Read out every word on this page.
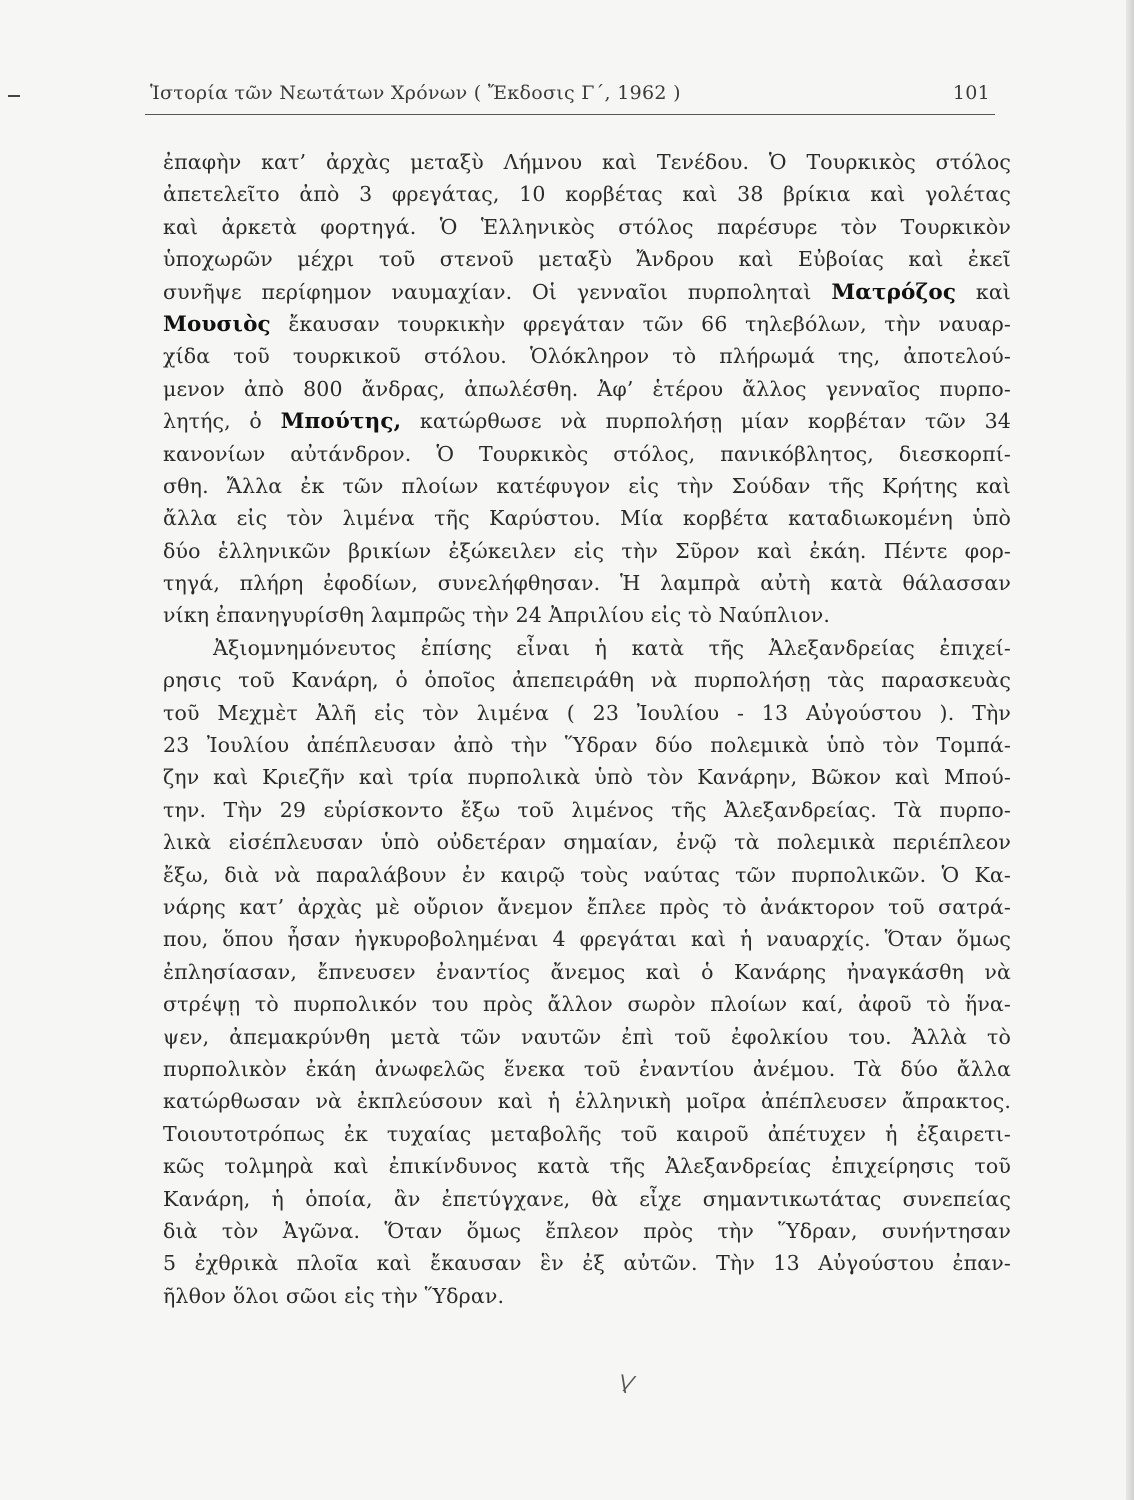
Ἱστορία τῶν Νεωτάτων Χρόνων ( Ἔκδοσις Γ΄, 1962 )	101
ἐπαφὴν κατ’ ἀρχὰς μεταξὺ Λήμνου καὶ Τενέδου. Ὁ Τουρκικὸς στόλος
ἀπετελεῖτο ἀπὸ 3 φρεγάτας, 10 κορβέτας καὶ 38 βρίκια καὶ γολέτας
καὶ ἀρκετὰ φορτηγά. Ὁ Ἑλληνικὸς στόλος παρέσυρε τὸν Τουρκικὸν
ὑποχωρῶν μέχρι τοῦ στενοῦ μεταξὺ Ἄνδρου καὶ Εὐβοίας καὶ ἐκεῖ
συνῆψε περίφημον ναυμαχίαν. Οἱ γενναῖοι πυρποληταὶ Ματρόζος καὶ
Μουσιὸς ἔκαυσαν τουρκικὴν φρεγάταν τῶν 66 τηλεβόλων, τὴν ναυαρ-
χίδα τοῦ τουρκικοῦ στόλου. Ὁλόκληρον τὸ πλήρωμά της, ἀποτελού-
μενον ἀπὸ 800 ἄνδρας, ἀπωλέσθη. Ἀφ’ ἑτέρου ἄλλος γενναῖος πυρπο-
λητής, ὁ Μπούτης, κατώρθωσε νὰ πυρπολήσῃ μίαν κορβέταν τῶν 34
κανονίων αὐτάνδρον. Ὁ Τουρκικὸς στόλος, πανικόβλητος, διεσκορπί-
σθη. Ἄλλα ἐκ τῶν πλοίων κατέφυγον εἰς τὴν Σούδαν τῆς Κρήτης καὶ
ἄλλα εἰς τὸν λιμένα τῆς Καρύστου. Μία κορβέτα καταδιωκομένη ὑπὸ
δύο ἑλληνικῶν βρικίων ἐξώκειλεν εἰς τὴν Σῦρον καὶ ἐκάη. Πέντε φορ-
τηγά, πλήρη ἐφοδίων, συνελήφθησαν. Ἡ λαμπρὰ αὐτὴ κατὰ θάλασσαν
νίκη ἐπανηγυρίσθη λαμπρῶς τὴν 24 Ἀπριλίου εἰς τὸ Ναύπλιον.
Ἀξιομνημόνευτος ἐπίσης εἶναι ἡ κατὰ τῆς Ἀλεξανδρείας ἐπιχεί-
ρησις τοῦ Κανάρη, ὁ ὁποῖος ἀπεπειράθη νὰ πυρπολήσῃ τὰς παρασκευὰς
τοῦ Μεχμὲτ Ἀλῆ εἰς τὸν λιμένα ( 23 Ἰουλίου - 13 Αὐγούστου ). Τὴν
23 Ἰουλίου ἀπέπλευσαν ἀπὸ τὴν Ὕδραν δύο πολεμικὰ ὑπὸ τὸν Τομπά-
ζην καὶ Κριεζῆν καὶ τρία πυρπολικὰ ὑπὸ τὸν Κανάρην, Βῶκον καὶ Μπού-
την. Τὴν 29 εὑρίσκοντο ἔξω τοῦ λιμένος τῆς Ἀλεξανδρείας. Τὰ πυρπο-
λικὰ εἰσέπλευσαν ὑπὸ οὐδετέραν σημαίαν, ἐνῷ τὰ πολεμικὰ περιέπλεον
ἔξω, διὰ νὰ παραλάβουν ἐν καιρῷ τοὺς ναύτας τῶν πυρπολικῶν. Ὁ Κα-
νάρης κατ’ ἀρχὰς μὲ οὔριον ἄνεμον ἔπλεε πρὸς τὸ ἀνάκτορον τοῦ σατρά-
που, ὅπου ἦσαν ἠγκυροβολημέναι 4 φρεγάται καὶ ἡ ναυαρχίς. Ὅταν ὅμως
ἐπλησίασαν, ἔπνευσεν ἐναντίος ἄνεμος καὶ ὁ Κανάρης ἠναγκάσθη νὰ
στρέψῃ τὸ πυρπολικόν του πρὸς ἄλλον σωρὸν πλοίων καί, ἀφοῦ τὸ ἥνα-
ψεν, ἀπεμακρύνθη μετὰ τῶν ναυτῶν ἐπὶ τοῦ ἐφολκίου του. Ἀλλὰ τὸ
πυρπολικὸν ἐκάη ἀνωφελῶς ἕνεκα τοῦ ἐναντίου ἀνέμου. Τὰ δύο ἄλλα
κατώρθωσαν νὰ ἐκπλεύσουν καὶ ἡ ἑλληνικὴ μοῖρα ἀπέπλευσεν ἄπρακτος.
Τοιουτοτρόπως ἐκ τυχαίας μεταβολῆς τοῦ καιροῦ ἀπέτυχεν ἡ ἐξαιρετι-
κῶς τολμηρὰ καὶ ἐπικίνδυνος κατὰ τῆς Ἀλεξανδρείας ἐπιχείρησις τοῦ
Κανάρη, ἡ ὁποία, ἂν ἐπετύγχανε, θὰ εἶχε σημαντικωτάτας συνεπείας
διὰ τὸν Ἀγῶνα. Ὅταν ὅμως ἔπλεον πρὸς τὴν Ὕδραν, συνήντησαν
5 ἐχθρικὰ πλοῖα καὶ ἔκαυσαν ἓν ἐξ αὐτῶν. Τὴν 13 Αὐγούστου ἐπαν-
ῆλθον ὅλοι σῶοι εἰς τὴν Ὕδραν.
\⁄
